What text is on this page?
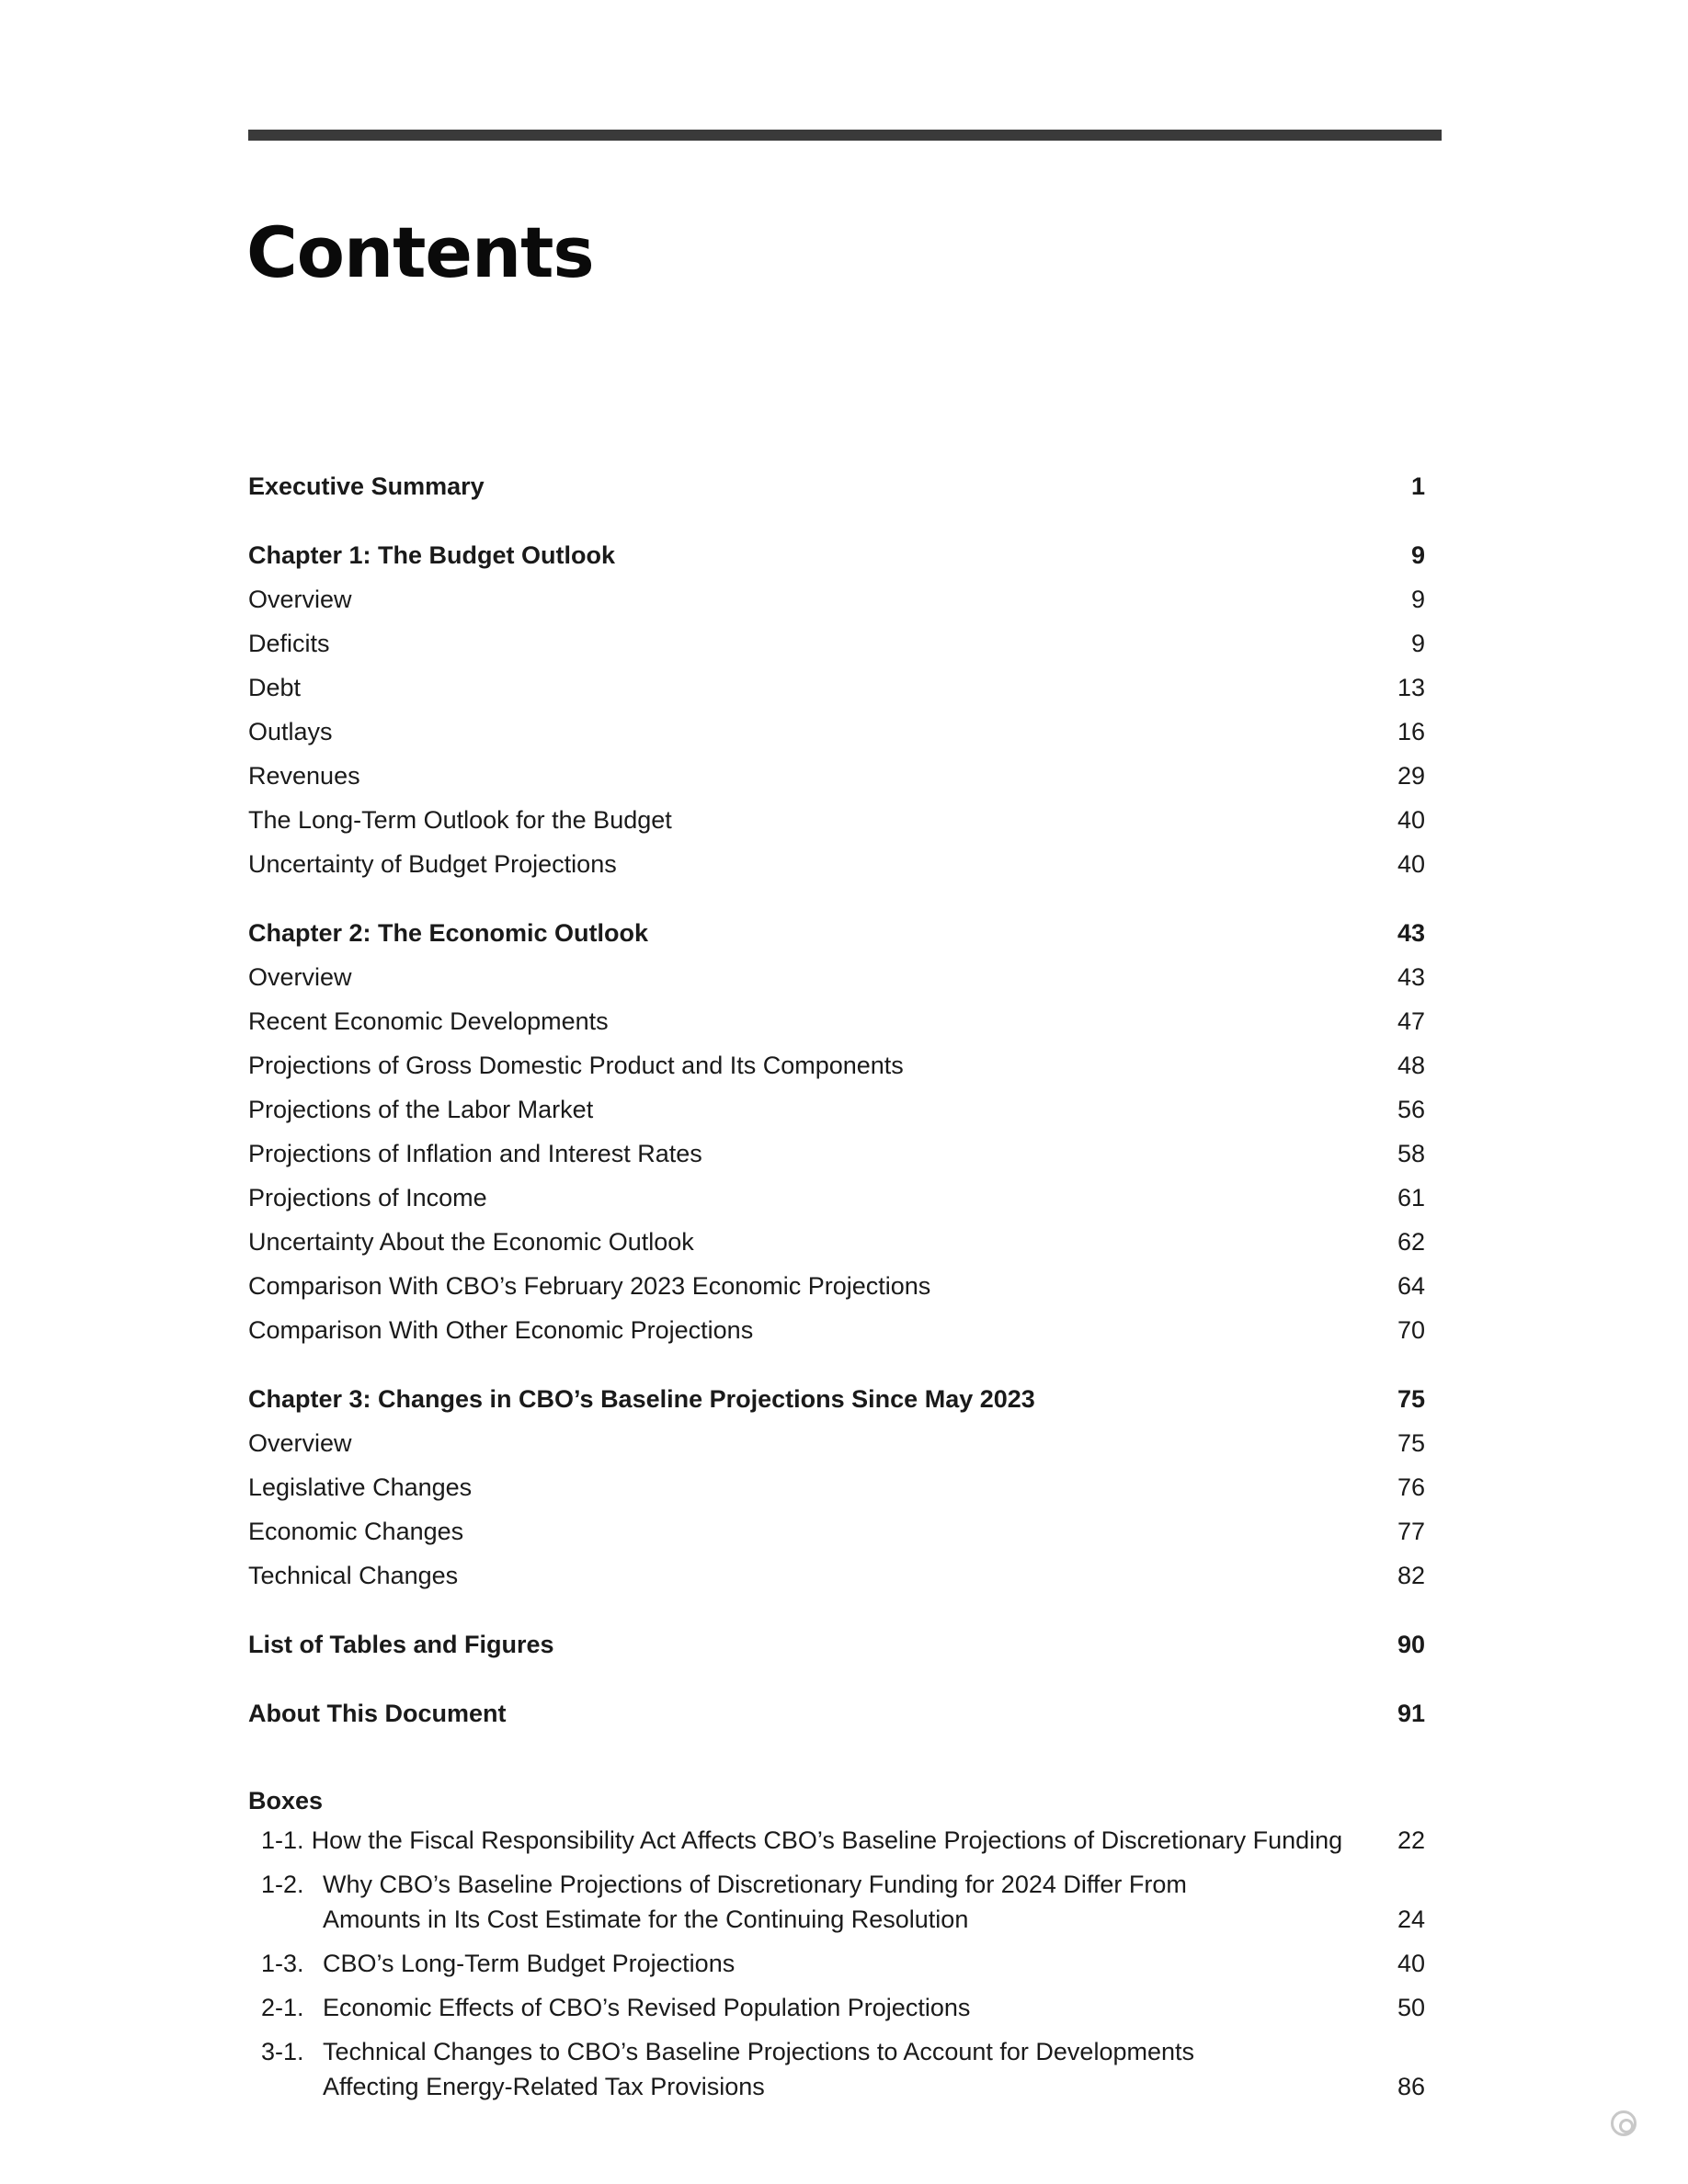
Contents
Executive Summary	1
Chapter 1: The Budget Outlook	9
Overview	9
Deficits	9
Debt	13
Outlays	16
Revenues	29
The Long-Term Outlook for the Budget	40
Uncertainty of Budget Projections	40
Chapter 2: The Economic Outlook	43
Overview	43
Recent Economic Developments	47
Projections of Gross Domestic Product and Its Components	48
Projections of the Labor Market	56
Projections of Inflation and Interest Rates	58
Projections of Income	61
Uncertainty About the Economic Outlook	62
Comparison With CBO’s February 2023 Economic Projections	64
Comparison With Other Economic Projections	70
Chapter 3: Changes in CBO’s Baseline Projections Since May 2023	75
Overview	75
Legislative Changes	76
Economic Changes	77
Technical Changes	82
List of Tables and Figures	90
About This Document	91
Boxes
1-1. How the Fiscal Responsibility Act Affects CBO’s Baseline Projections of Discretionary Funding	22
1-2. Why CBO’s Baseline Projections of Discretionary Funding for 2024 Differ From
Amounts in Its Cost Estimate for the Continuing Resolution	24
1-3. CBO’s Long-Term Budget Projections	40
2-1. Economic Effects of CBO’s Revised Population Projections	50
3-1. Technical Changes to CBO’s Baseline Projections to Account for Developments
Affecting Energy-Related Tax Provisions	86
